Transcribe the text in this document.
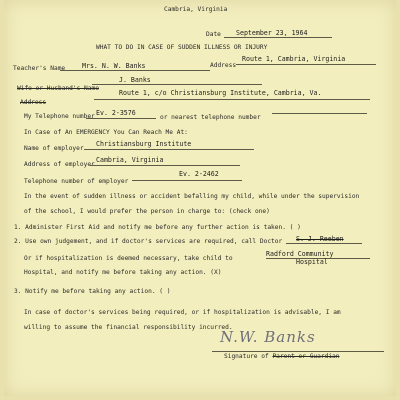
Cambria, Virginia
Date September 23, 1964
WHAT TO DO IN CASE OF SUDDEN ILLNESS OR INJURY
Teacher's Name	Mrs. N. W. Banks	Address
Route 1, Cambria, Virginia
Wife or Husband's Name
J. Banks
Address
Route 1, c/o Christiansburg Institute, Cambria, Va.
My Telephone number Ev. 2-3576
or nearest telephone number
In Case of An EMERGENCY You Can Reach Me At:
Name of employer
Christiansburg Institute
Address of employer
Cambria, Virginia
Telephone number of employer
Ev. 2-2462
In the event of sudden illness or accident befalling my child, while under the supervision
of the school, I would prefer the person in charge to: (check one)
1. Administer First Aid and notify me before any further action is taken. ( )
2. Use own judgement, and if doctor's services are required, call Doctor S. J. Reeben
Or if hospitalization is deemed necessary, take child to
Radford Community
Hospital
Hospital, and notify me before taking any action. (X)
3. Notify me before taking any action. ( )
In case of doctor's services being required, or if hospitalization is advisable, I am
willing to assume the financial responsibility incurred.
N.W. Banks
Signature of Parent or Guardian
